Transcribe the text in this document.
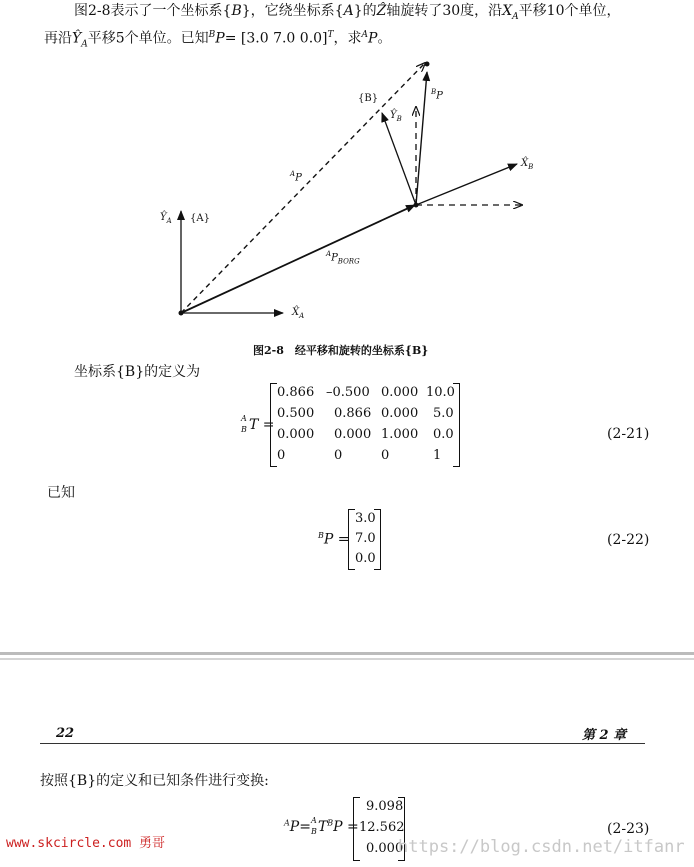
图2-8表示了一个坐标系{B}，它绕坐标系{A}的Ẑ轴旋转了30度，沿$X_A$平移10个单位，
再沿$Ŷ_A$平移5个单位。已知$^B$P= [3.0 7.0 0.0]$^T$，求$^A$P。
{B}
$Ŷ_B$
$^B$P
$X̂_B$
$^A$P
$Ŷ_A$ {A}
$^AP_{BORG}$
$X̂_A$
图2-8　经平移和旋转的坐标系{B}
坐标系{B}的定义为
A
B T =
0.866 –0.500 0.000 10.0
0.500 0.866 0.000 5.0
0.000 0.000 1.000 0.0
0	0	0	1
(2-21)
已知
$^B$P =
3.0
7.0
0.0
(2-22)
22	第 2 章
按照{B}的定义和已知条件进行变换:
$^A$P= A
B $T^BP$ =
9.098
12.562
0.000
(2-23)
www.skcircle.com 勇哥	https://blog.csdn.net/itfanr
